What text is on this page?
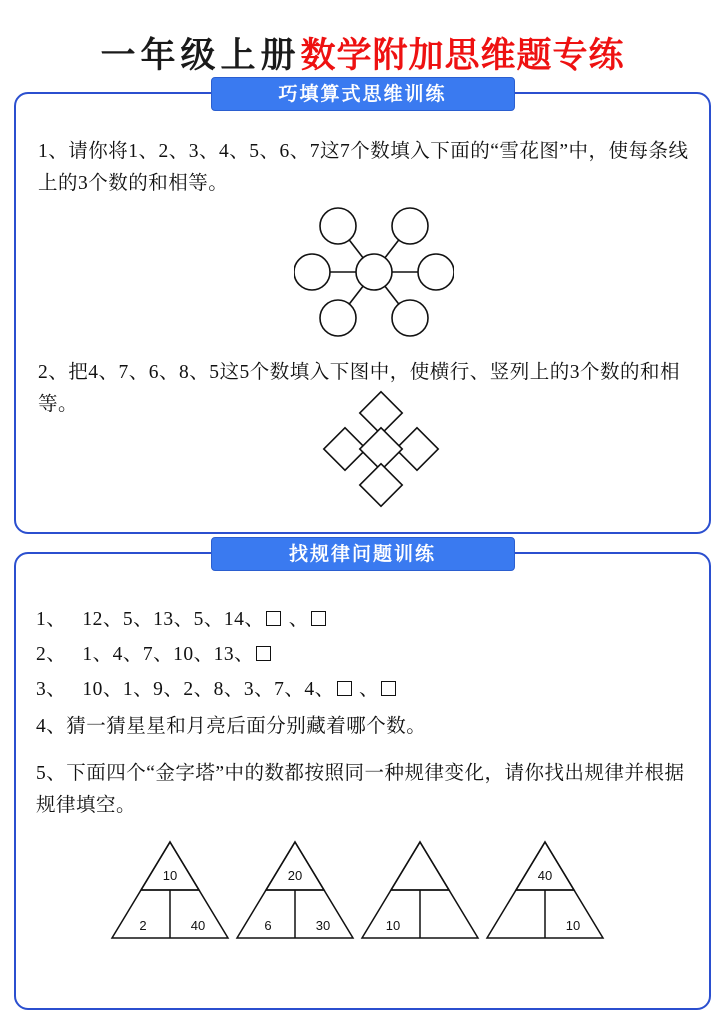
一年级上册数学附加思维题专练
巧填算式思维训练
1、请你将1、2、3、4、5、6、7这7个数填入下面的“雪花图”中，使每条线上的3个数的和相等。
2、把4、7、6、8、5这5个数填入下图中，使横行、竖列上的3个数的和相等。
找规律问题训练
1、   12、5、13、5、14、 、
2、   1、4、7、10、13、
3、   10、1、9、2、8、3、7、4、 、
4、猜一猜星星和月亮后面分别藏着哪个数。
5、下面四个“金字塔”中的数都按照同一种规律变化，请你找出规律并根据规律填空。
10
2	40
20
6	30	10
40
10
